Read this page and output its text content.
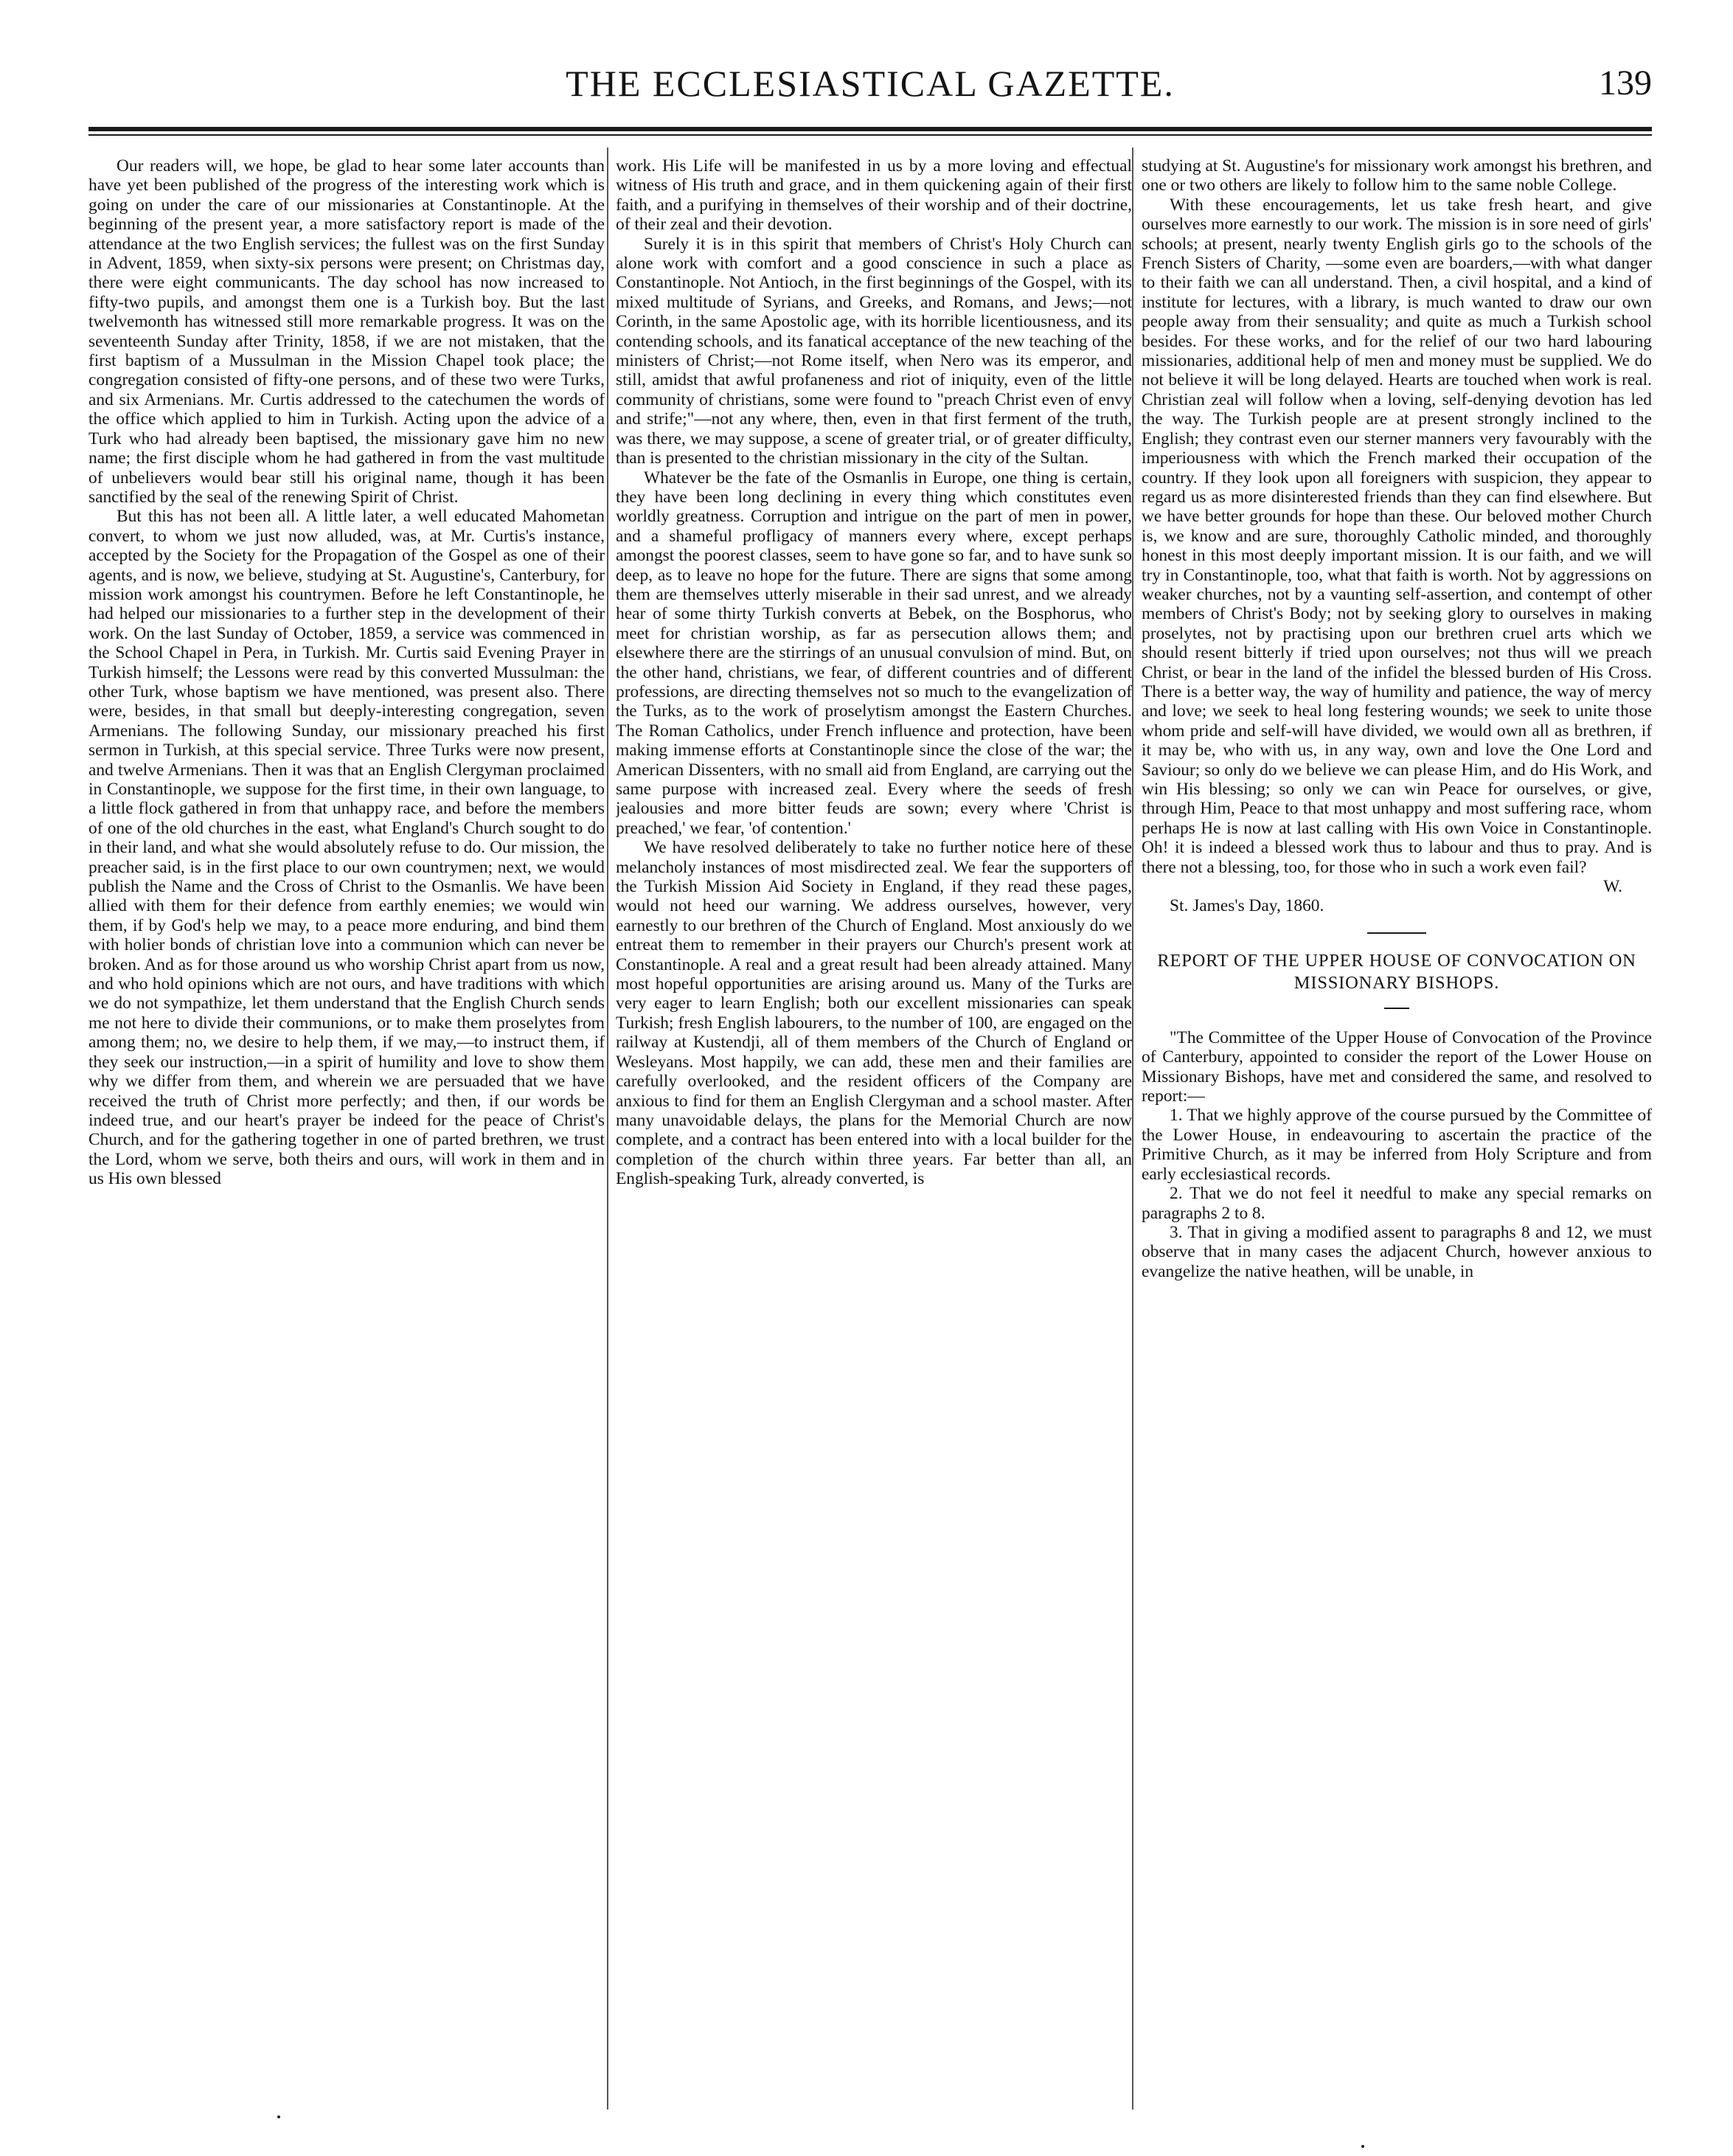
THE ECCLESIASTICAL GAZETTE.	139

Our readers will, we hope, be glad to hear some later accounts than have yet been published of the progress of the interesting work which is going on under the care of our missionaries at Constantinople. At the beginning of the present year, a more satisfactory report is made of the attendance at the two English services; the fullest was on the first Sunday in Advent, 1859, when sixty-six persons were present; on Christmas day, there were eight communicants. The day school has now increased to fifty-two pupils, and amongst them one is a Turkish boy. But the last twelvemonth has witnessed still more remarkable progress. It was on the seventeenth Sunday after Trinity, 1858, if we are not mistaken, that the first baptism of a Mussulman in the Mission Chapel took place; the congregation consisted of fifty-one persons, and of these two were Turks, and six Armenians. Mr. Curtis addressed to the catechumen the words of the office which applied to him in Turkish. Acting upon the advice of a Turk who had already been baptised, the missionary gave him no new name; the first disciple whom he had gathered in from the vast multitude of unbelievers would bear still his original name, though it has been sanctified by the seal of the renewing Spirit of Christ.

But this has not been all. A little later, a well educated Mahometan convert, to whom we just now alluded, was, at Mr. Curtis's instance, accepted by the Society for the Propagation of the Gospel as one of their agents, and is now, we believe, studying at St. Augustine's, Canterbury, for mission work amongst his countrymen. Before he left Constantinople, he had helped our missionaries to a further step in the development of their work. On the last Sunday of October, 1859, a service was commenced in the School Chapel in Pera, in Turkish. Mr. Curtis said Evening Prayer in Turkish himself; the Lessons were read by this converted Mussulman: the other Turk, whose baptism we have mentioned, was present also. There were, besides, in that small but deeply-interesting congregation, seven Armenians. The following Sunday, our missionary preached his first sermon in Turkish, at this special service. Three Turks were now present, and twelve Armenians. Then it was that an English Clergyman proclaimed in Constantinople, we suppose for the first time, in their own language, to a little flock gathered in from that unhappy race, and before the members of one of the old churches in the east, what England's Church sought to do in their land, and what she would absolutely refuse to do. Our mission, the preacher said, is in the first place to our own countrymen; next, we would publish the Name and the Cross of Christ to the Osmanlis. We have been allied with them for their defence from earthly enemies; we would win them, if by God's help we may, to a peace more enduring, and bind them with holier bonds of christian love into a communion which can never be broken. And as for those around us who worship Christ apart from us now, and who hold opinions which are not ours, and have traditions with which we do not sympathize, let them understand that the English Church sends me not here to divide their communions, or to make them proselytes from among them; no, we desire to help them, if we may,—to instruct them, if they seek our instruction,—in a spirit of humility and love to show them why we differ from them, and wherein we are persuaded that we have received the truth of Christ more perfectly; and then, if our words be indeed true, and our heart's prayer be indeed for the peace of Christ's Church, and for the gathering together in one of parted brethren, we trust the Lord, whom we serve, both theirs and ours, will work in them and in us His own blessed

work. His Life will be manifested in us by a more loving and effectual witness of His truth and grace, and in them quickening again of their first faith, and a purifying in themselves of their worship and of their doctrine, of their zeal and their devotion.

Surely it is in this spirit that members of Christ's Holy Church can alone work with comfort and a good conscience in such a place as Constantinople. Not Antioch, in the first beginnings of the Gospel, with its mixed multitude of Syrians, and Greeks, and Romans, and Jews;—not Corinth, in the same Apostolic age, with its horrible licentiousness, and its contending schools, and its fanatical acceptance of the new teaching of the ministers of Christ;—not Rome itself, when Nero was its emperor, and still, amidst that awful profaneness and riot of iniquity, even of the little community of christians, some were found to "preach Christ even of envy and strife;"—not any where, then, even in that first ferment of the truth, was there, we may suppose, a scene of greater trial, or of greater difficulty, than is presented to the christian missionary in the city of the Sultan.

Whatever be the fate of the Osmanlis in Europe, one thing is certain, they have been long declining in every thing which constitutes even worldly greatness. Corruption and intrigue on the part of men in power, and a shameful profligacy of manners every where, except perhaps amongst the poorest classes, seem to have gone so far, and to have sunk so deep, as to leave no hope for the future. There are signs that some among them are themselves utterly miserable in their sad unrest, and we already hear of some thirty Turkish converts at Bebek, on the Bosphorus, who meet for christian worship, as far as persecution allows them; and elsewhere there are the stirrings of an unusual convulsion of mind. But, on the other hand, christians, we fear, of different countries and of different professions, are directing themselves not so much to the evangelization of the Turks, as to the work of proselytism amongst the Eastern Churches. The Roman Catholics, under French influence and protection, have been making immense efforts at Constantinople since the close of the war; the American Dissenters, with no small aid from England, are carrying out the same purpose with increased zeal. Every where the seeds of fresh jealousies and more bitter feuds are sown; every where 'Christ is preached,' we fear, 'of contention.'

We have resolved deliberately to take no further notice here of these melancholy instances of most misdirected zeal. We fear the supporters of the Turkish Mission Aid Society in England, if they read these pages, would not heed our warning. We address ourselves, however, very earnestly to our brethren of the Church of England. Most anxiously do we entreat them to remember in their prayers our Church's present work at Constantinople. A real and a great result had been already attained. Many most hopeful opportunities are arising around us. Many of the Turks are very eager to learn English; both our excellent missionaries can speak Turkish; fresh English labourers, to the number of 100, are engaged on the railway at Kustendji, all of them members of the Church of England or Wesleyans. Most happily, we can add, these men and their families are carefully overlooked, and the resident officers of the Company are anxious to find for them an English Clergyman and a school master. After many unavoidable delays, the plans for the Memorial Church are now complete, and a contract has been entered into with a local builder for the completion of the church within three years. Far better than all, an English-speaking Turk, already converted, is

studying at St. Augustine's for missionary work amongst his brethren, and one or two others are likely to follow him to the same noble College.

With these encouragements, let us take fresh heart, and give ourselves more earnestly to our work. The mission is in sore need of girls' schools; at present, nearly twenty English girls go to the schools of the French Sisters of Charity, —some even are boarders,—with what danger to their faith we can all understand. Then, a civil hospital, and a kind of institute for lectures, with a library, is much wanted to draw our own people away from their sensuality; and quite as much a Turkish school besides. For these works, and for the relief of our two hard labouring missionaries, additional help of men and money must be supplied. We do not believe it will be long delayed. Hearts are touched when work is real. Christian zeal will follow when a loving, self-denying devotion has led the way. The Turkish people are at present strongly inclined to the English; they contrast even our sterner manners very favourably with the imperiousness with which the French marked their occupation of the country. If they look upon all foreigners with suspicion, they appear to regard us as more disinterested friends than they can find elsewhere. But we have better grounds for hope than these. Our beloved mother Church is, we know and are sure, thoroughly Catholic minded, and thoroughly honest in this most deeply important mission. It is our faith, and we will try in Constantinople, too, what that faith is worth. Not by aggressions on weaker churches, not by a vaunting self-assertion, and contempt of other members of Christ's Body; not by seeking glory to ourselves in making proselytes, not by practising upon our brethren cruel arts which we should resent bitterly if tried upon ourselves; not thus will we preach Christ, or bear in the land of the infidel the blessed burden of His Cross. There is a better way, the way of humility and patience, the way of mercy and love; we seek to heal long festering wounds; we seek to unite those whom pride and self-will have divided, we would own all as brethren, if it may be, who with us, in any way, own and love the One Lord and Saviour; so only do we believe we can please Him, and do His Work, and win His blessing; so only we can win Peace for ourselves, or give, through Him, Peace to that most unhappy and most suffering race, whom perhaps He is now at last calling with His own Voice in Constantinople. Oh! it is indeed a blessed work thus to labour and thus to pray. And is there not a blessing, too, for those who in such a work even fail?

W.

St. James's Day, 1860.

REPORT OF THE UPPER HOUSE OF CONVOCATION ON MISSIONARY BISHOPS.

"The Committee of the Upper House of Convocation of the Province of Canterbury, appointed to consider the report of the Lower House on Missionary Bishops, have met and considered the same, and resolved to report:—

1. That we highly approve of the course pursued by the Committee of the Lower House, in endeavouring to ascertain the practice of the Primitive Church, as it may be inferred from Holy Scripture and from early ecclesiastical records.

2. That we do not feel it needful to make any special remarks on paragraphs 2 to 8.

3. That in giving a modified assent to paragraphs 8 and 12, we must observe that in many cases the adjacent Church, however anxious to evangelize the native heathen, will be unable, in
